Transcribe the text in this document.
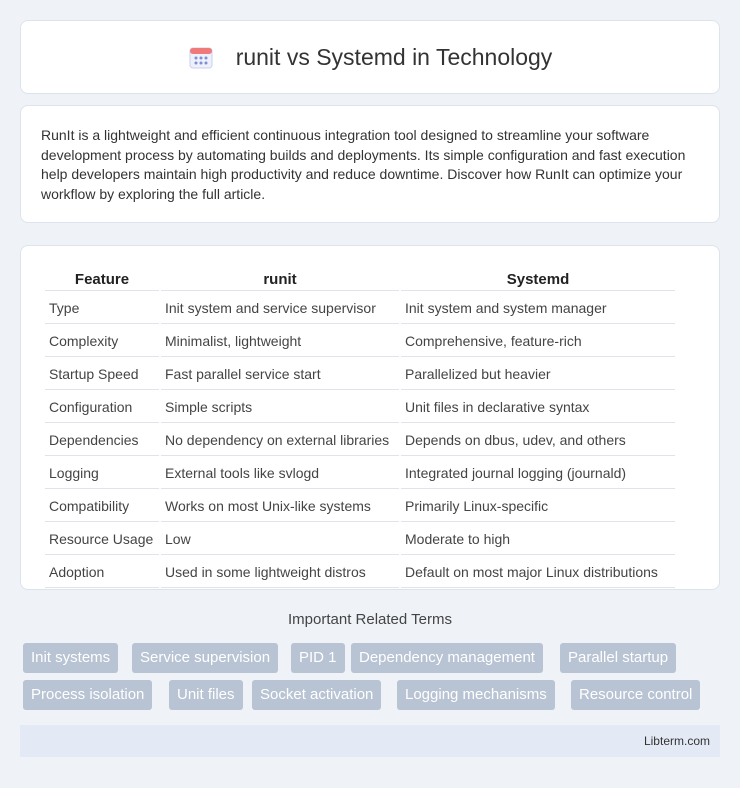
runit vs Systemd in Technology

RunIt is a lightweight and efficient continuous integration tool designed to streamline your software development process by automating builds and deployments. Its simple configuration and fast execution help developers maintain high productivity and reduce downtime. Discover how RunIt can optimize your workflow by exploring the full article.

Feature	runit	Systemd
Type	Init system and service supervisor	Init system and system manager
Complexity	Minimalist, lightweight	Comprehensive, feature-rich
Startup Speed	Fast parallel service start	Parallelized but heavier
Configuration	Simple scripts	Unit files in declarative syntax
Dependencies	No dependency on external libraries	Depends on dbus, udev, and others
Logging	External tools like svlogd	Integrated journal logging (journald)
Compatibility	Works on most Unix-like systems	Primarily Linux-specific
Resource Usage	Low	Moderate to high
Adoption	Used in some lightweight distros	Default on most major Linux distributions
Important Related Terms
Init systems	Service supervision	PID 1	Dependency management	Parallel startup
Process isolation	Unit files	Socket activation	Logging mechanisms	Resource control
Libterm.com
